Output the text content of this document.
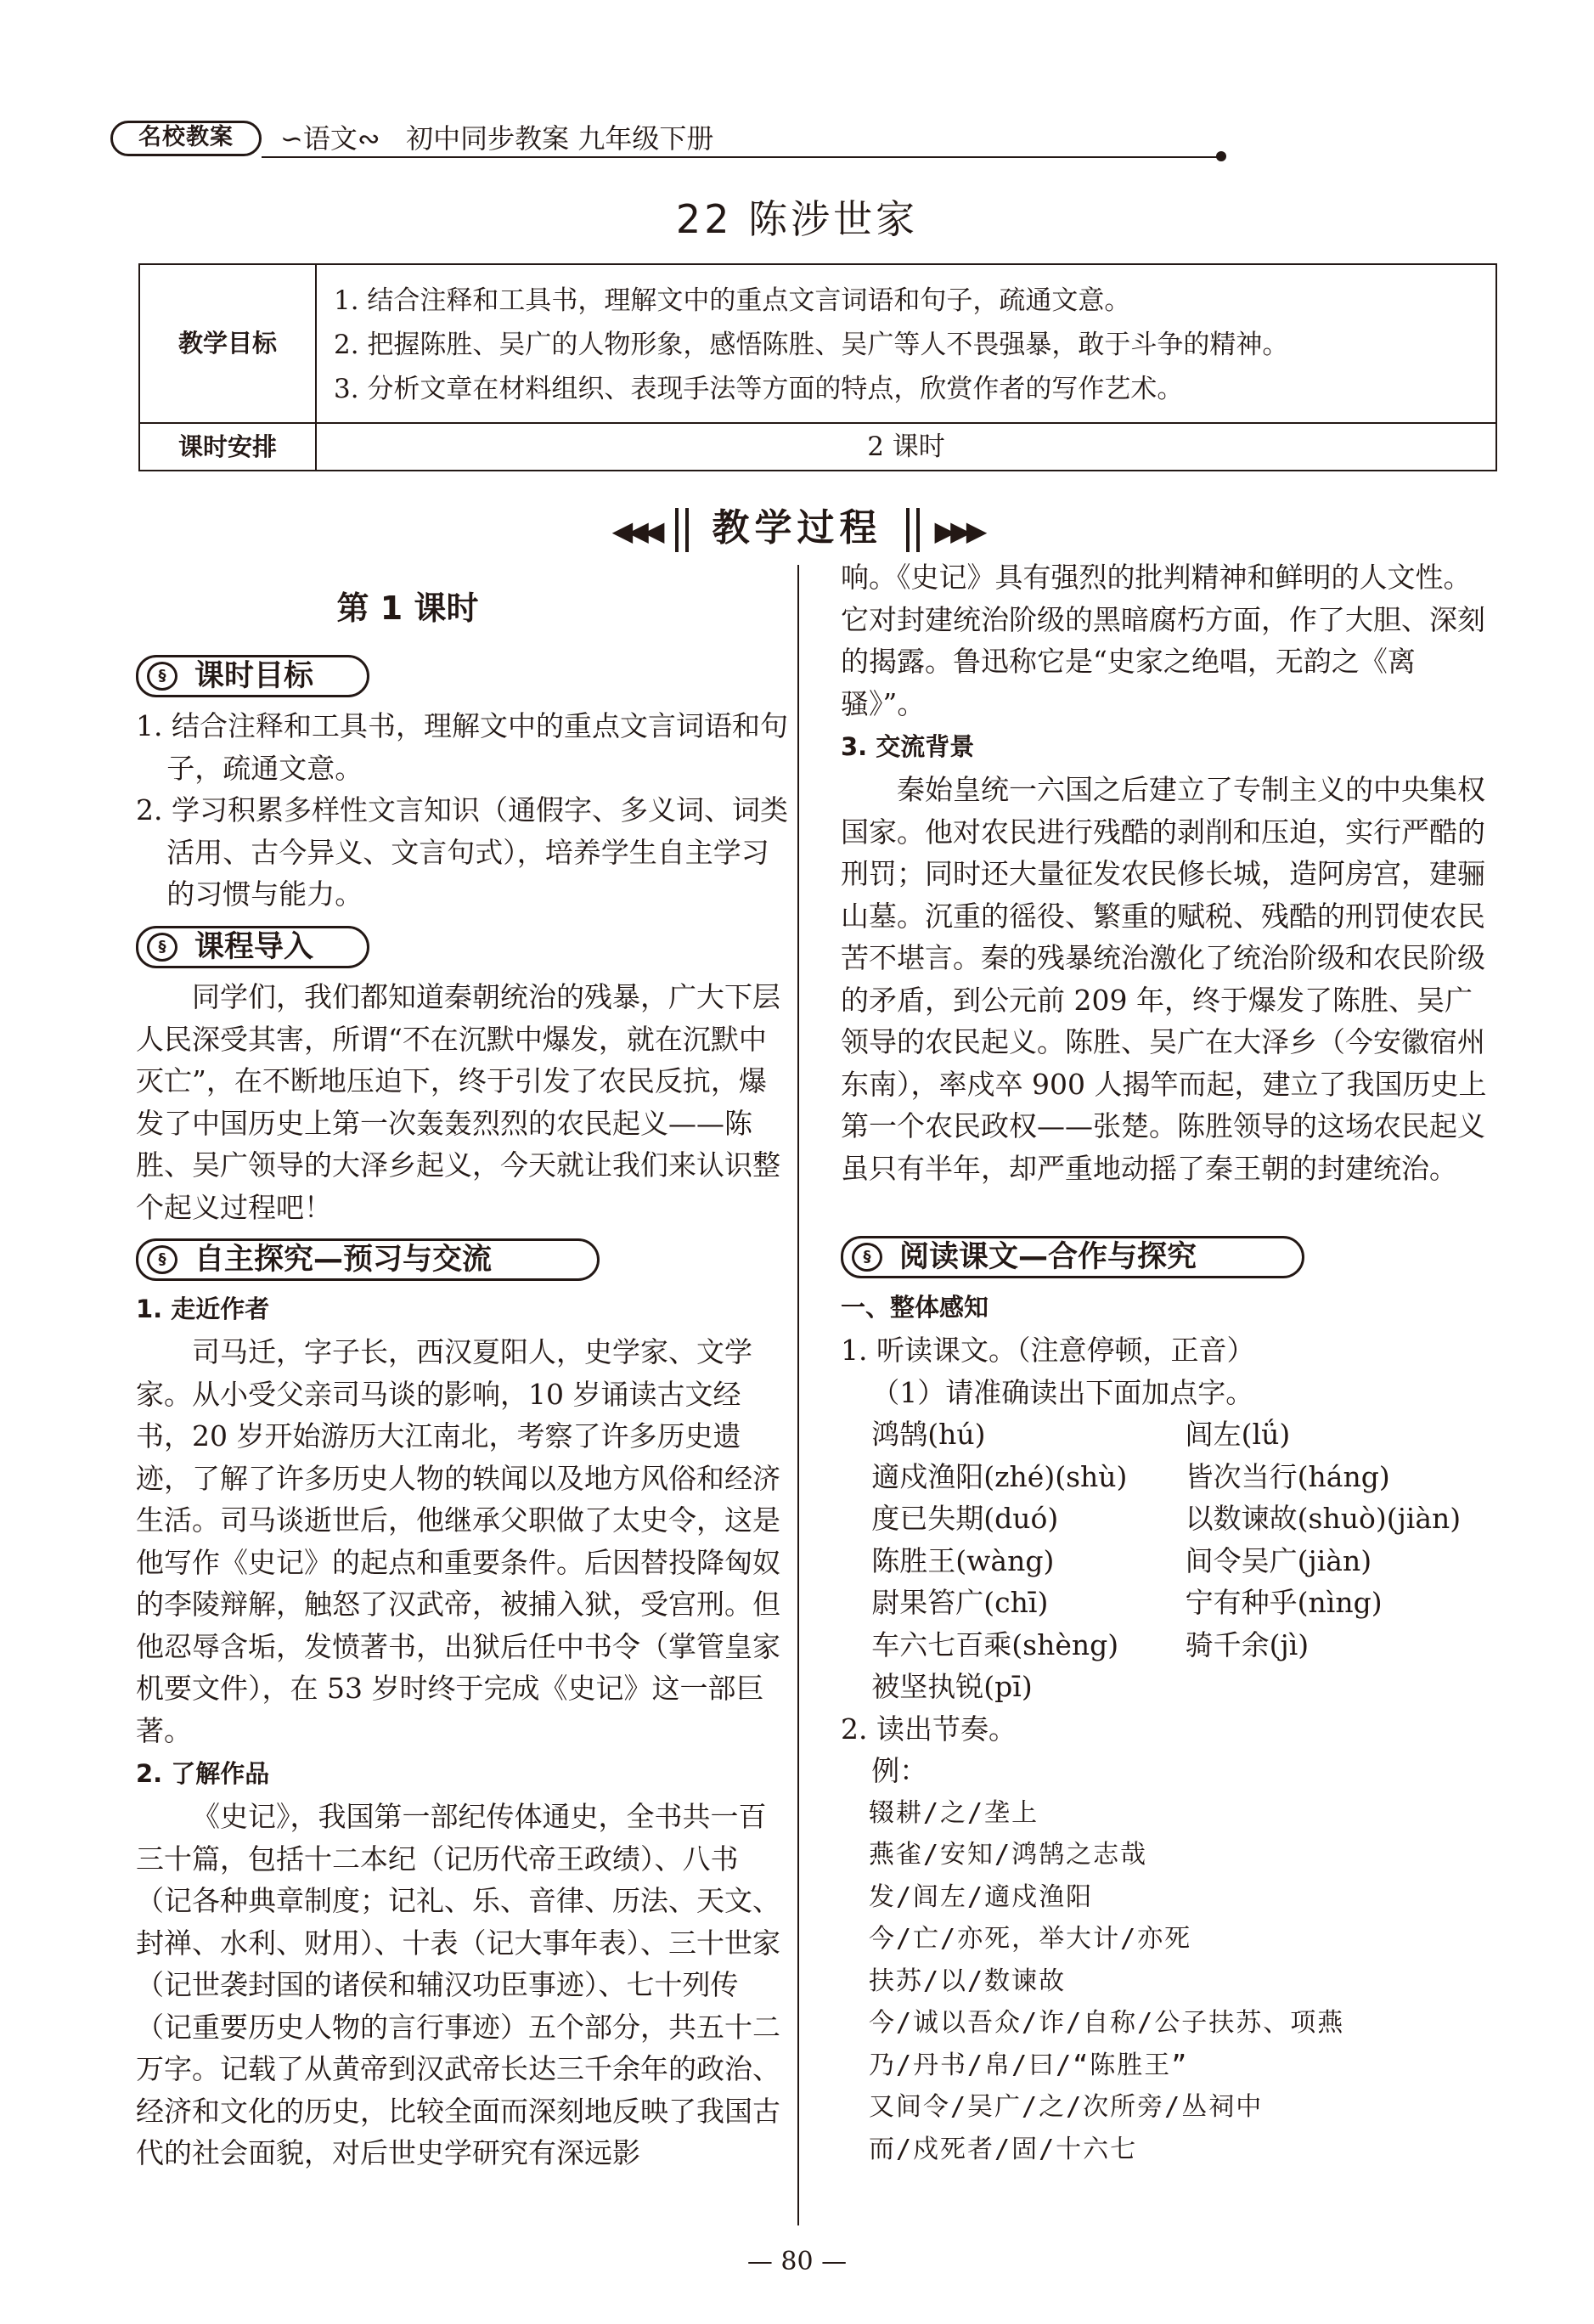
名校教案	∽语文∾ 初中同步教案 九年级下册
22 陈涉世家
教学目标
1. 结合注释和工具书，理解文中的重点文言词语和句子，疏通文意。
2. 把握陈胜、吴广的人物形象，感悟陈胜、吴广等人不畏强暴，敢于斗争的精神。
3. 分析文章在材料组织、表现手法等方面的特点，欣赏作者的写作艺术。
课时安排	2 课时
◀◀◀ 教学过程 ▶▶▶
第 1 课时
§ 课时目标

1. 结合注释和工具书，理解文中的重点文言词语和句子，疏通文意。

2. 学习积累多样性文言知识（通假字、多义词、词类活用、古今异义、文言句式），培养学生自主学习的习惯与能力。

§ 课程导入

同学们，我们都知道秦朝统治的残暴，广大下层人民深受其害，所谓“不在沉默中爆发，就在沉默中灭亡”，在不断地压迫下，终于引发了农民反抗，爆发了中国历史上第一次轰轰烈烈的农民起义——陈胜、吴广领导的大泽乡起义，今天就让我们来认识整个起义过程吧！

§ 自主探究—预习与交流
1. 走近作者

司马迁，字子长，西汉夏阳人，史学家、文学家。从小受父亲司马谈的影响，10 岁诵读古文经书，20 岁开始游历大江南北，考察了许多历史遗迹，了解了许多历史人物的轶闻以及地方风俗和经济生活。司马谈逝世后，他继承父职做了太史令，这是他写作《史记》的起点和重要条件。后因替投降匈奴的李陵辩解，触怒了汉武帝，被捕入狱，受宫刑。但他忍辱含垢，发愤著书，出狱后任中书令（掌管皇家机要文件），在 53 岁时终于完成《史记》这一部巨著。

2. 了解作品

《史记》，我国第一部纪传体通史，全书共一百三十篇，包括十二本纪（记历代帝王政绩）、八书（记各种典章制度；记礼、乐、音律、历法、天文、封禅、水利、财用）、十表（记大事年表）、三十世家（记世袭封国的诸侯和辅汉功臣事迹）、七十列传（记重要历史人物的言行事迹）五个部分，共五十二万字。记载了从黄帝到汉武帝长达三千余年的政治、经济和文化的历史，比较全面而深刻地反映了我国古代的社会面貌，对后世史学研究有深远影

响。《史记》具有强烈的批判精神和鲜明的人文性。它对封建统治阶级的黑暗腐朽方面，作了大胆、深刻的揭露。鲁迅称它是“史家之绝唱，无韵之《离骚》”。

3. 交流背景

秦始皇统一六国之后建立了专制主义的中央集权国家。他对农民进行残酷的剥削和压迫，实行严酷的刑罚；同时还大量征发农民修长城，造阿房宫，建骊山墓。沉重的徭役、繁重的赋税、残酷的刑罚使农民苦不堪言。秦的残暴统治激化了统治阶级和农民阶级的矛盾，到公元前 209 年，终于爆发了陈胜、吴广领导的农民起义。陈胜、吴广在大泽乡（今安徽宿州东南），率戍卒 900 人揭竿而起，建立了我国历史上第一个农民政权——张楚。陈胜领导的这场农民起义虽只有半年，却严重地动摇了秦王朝的封建统治。

§ 阅读课文—合作与探究
一、整体感知

1. 听读课文。（注意停顿，正音）

（1）请准确读出下面加点字。

鸿鹄(hú)	闾左(lǘ)
適戍渔阳(zhé)(shù)	皆次当行(háng)
度已失期(duó)	以数谏故(shuò)(jiàn)
陈胜王(wàng)	间令吴广(jiàn)
尉果笞广(chī)	宁有种乎(nìng)
车六七百乘(shèng)	骑千余(jì)
被坚执锐(pī)

2. 读出节奏。

例：

辍耕/之/垄上
燕雀/安知/鸿鹄之志哉
发/闾左/適戍渔阳
今/亡/亦死，举大计/亦死
扶苏/以/数谏故
今/诚以吾众/诈/自称/公子扶苏、项燕
乃/丹书/帛/曰/“陈胜王”
又间令/吴广/之/次所旁/丛祠中
而/戍死者/固/十六七
— 80 —
